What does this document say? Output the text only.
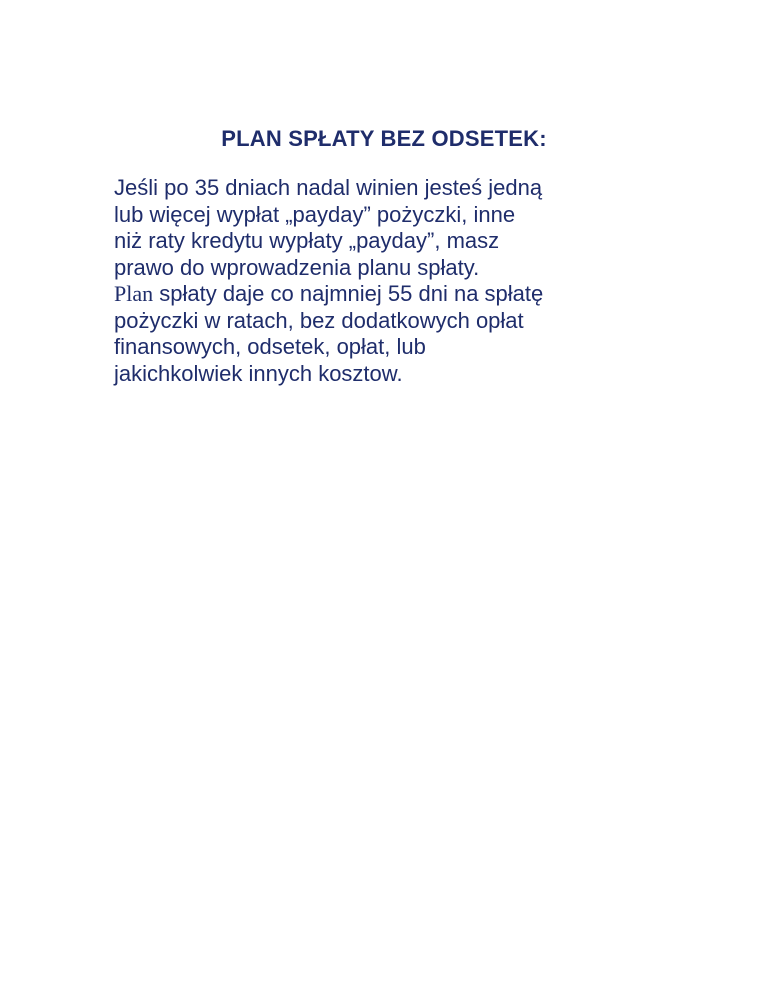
PLAN SPŁATY BEZ ODSETEK:
Jeśli po 35 dniach nadal winien jesteś jedną
lub więcej wypłat „payday” pożyczki, inne
niż raty kredytu wypłaty „payday”, masz
prawo do wprowadzenia planu spłaty.
Plan spłaty daje co najmniej 55 dni na spłatę
pożyczki w ratach, bez dodatkowych opłat
finansowych, odsetek, opłat, lub
jakichkolwiek innych kosztow.
